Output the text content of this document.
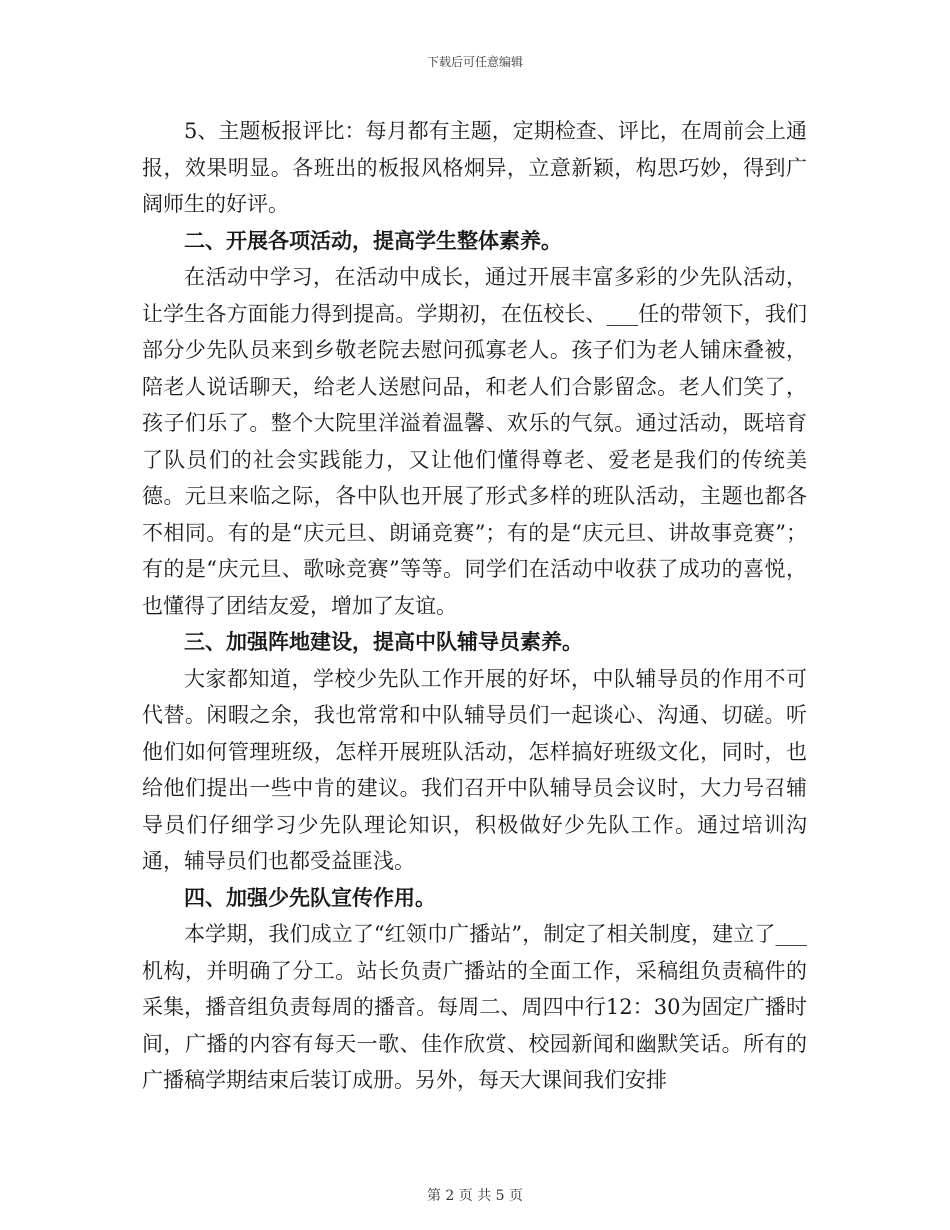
下载后可任意编辑

5、主题板报评比：每月都有主题，定期检查、评比，在周前会上通报，效果明显。各班出的板报风格炯异，立意新颖，构思巧妙，得到广阔师生的好评。

二、开展各项活动，提高学生整体素养。

在活动中学习，在活动中成长，通过开展丰富多彩的少先队活动，让学生各方面能力得到提高。学期初，在伍校长、___任的带领下，我们部分少先队员来到乡敬老院去慰问孤寡老人。孩子们为老人铺床叠被，陪老人说话聊天，给老人送慰问品，和老人们合影留念。老人们笑了，孩子们乐了。整个大院里洋溢着温馨、欢乐的气氛。通过活动，既培育了队员们的社会实践能力，又让他们懂得尊老、爱老是我们的传统美德。元旦来临之际，各中队也开展了形式多样的班队活动，主题也都各不相同。有的是“庆元旦、朗诵竞赛”；有的是“庆元旦、讲故事竞赛”；有的是“庆元旦、歌咏竞赛”等等。同学们在活动中收获了成功的喜悦，也懂得了团结友爱，增加了友谊。

三、加强阵地建设，提高中队辅导员素养。

大家都知道，学校少先队工作开展的好坏，中队辅导员的作用不可代替。闲暇之余，我也常常和中队辅导员们一起谈心、沟通、切磋。听他们如何管理班级，怎样开展班队活动，怎样搞好班级文化，同时，也给他们提出一些中肯的建议。我们召开中队辅导员会议时，大力号召辅导员们仔细学习少先队理论知识，积极做好少先队工作。通过培训沟通，辅导员们也都受益匪浅。

四、加强少先队宣传作用。

本学期，我们成立了“红领巾广播站”，制定了相关制度，建立了___机构，并明确了分工。站长负责广播站的全面工作，采稿组负责稿件的采集，播音组负责每周的播音。每周二、周四中行12：30为固定广播时间，广播的内容有每天一歌、佳作欣赏、校园新闻和幽默笑话。所有的广播稿学期结束后装订成册。另外，每天大课间我们安排

第 2 页 共 5 页
